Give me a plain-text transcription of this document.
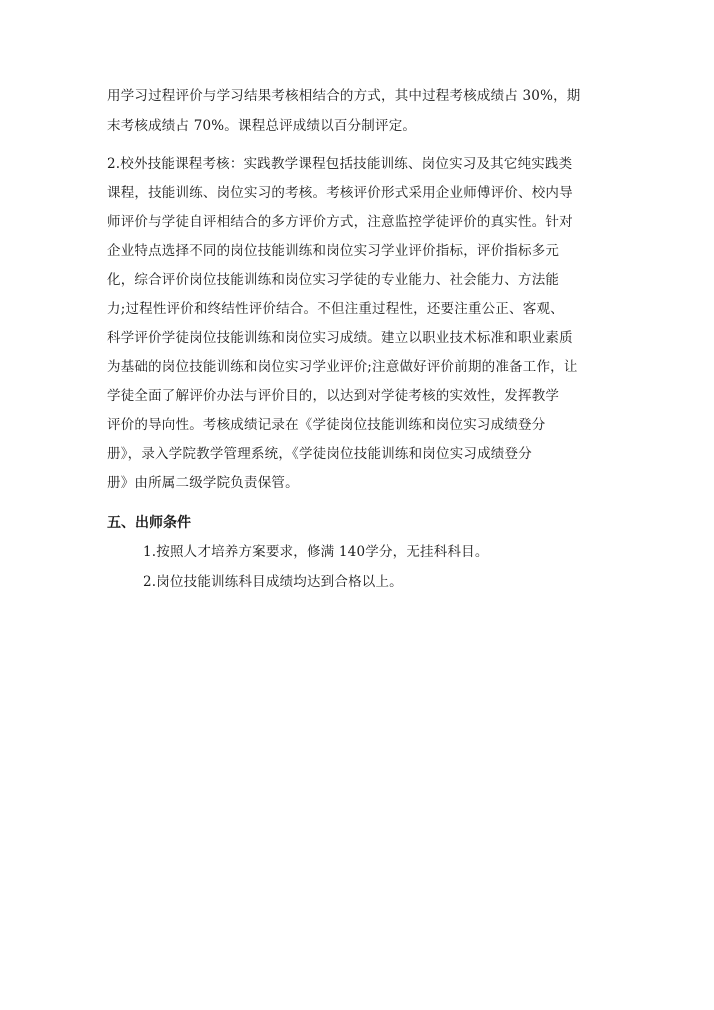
用学习过程评价与学习结果考核相结合的方式，其中过程考核成绩占 30%，期
末考核成绩占 70%。课程总评成绩以百分制评定。
2.校外技能课程考核：实践教学课程包括技能训练、岗位实习及其它纯实践类
课程，技能训练、岗位实习的考核。考核评价形式采用企业师傅评价、校内导
师评价与学徒自评相结合的多方评价方式，注意监控学徒评价的真实性。针对
企业特点选择不同的岗位技能训练和岗位实习学业评价指标，评价指标多元
化，综合评价岗位技能训练和岗位实习学徒的专业能力、社会能力、方法能
力;过程性评价和终结性评价结合。不但注重过程性，还要注重公正、客观、
科学评价学徒岗位技能训练和岗位实习成绩。建立以职业技术标准和职业素质
为基础的岗位技能训练和岗位实习学业评价;注意做好评价前期的准备工作，让
学徒全面了解评价办法与评价目的，以达到对学徒考核的实效性，发挥教学
评价的导向性。考核成绩记录在《学徒岗位技能训练和岗位实习成绩登分
册》，录入学院教学管理系统，《学徒岗位技能训练和岗位实习成绩登分
册》由所属二级学院负责保管。
五、出师条件
1.按照人才培养方案要求，修满 140学分，无挂科科目。
2.岗位技能训练科目成绩均达到合格以上。
